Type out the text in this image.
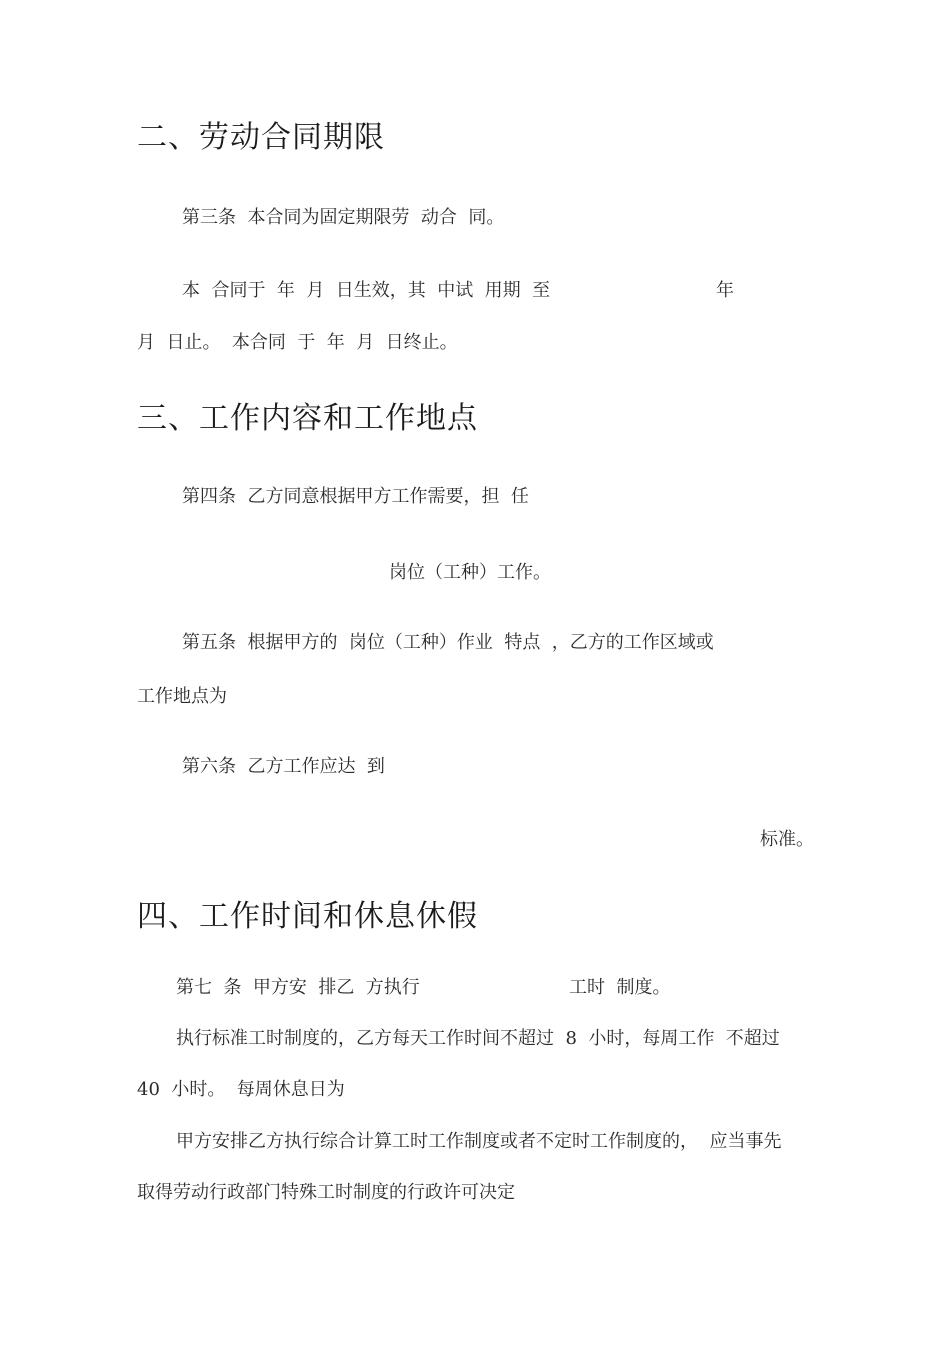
二、劳动合同期限
第三条  本合同为固定期限劳  动合  同。
本  合同于  年  月  日生效，其  中试  用期  至	年
月  日止。  本合同  于  年  月  日终止。
三、工作内容和工作地点
第四条  乙方同意根据甲方工作需要，担  任
岗位（工种）工作。
第五条  根据甲方的  岗位（工种）作业  特点  ，乙方的工作区域或
工作地点为
第六条  乙方工作应达  到
标准。
四、工作时间和休息休假
第七  条  甲方安  排乙  方执行	工时  制度。
执行标准工时制度的，乙方每天工作时间不超过  8  小时，每周工作  不超过
40  小时。  每周休息日为
甲方安排乙方执行综合计算工时工作制度或者不定时工作制度的，  应当事先
取得劳动行政部门特殊工时制度的行政许可决定
